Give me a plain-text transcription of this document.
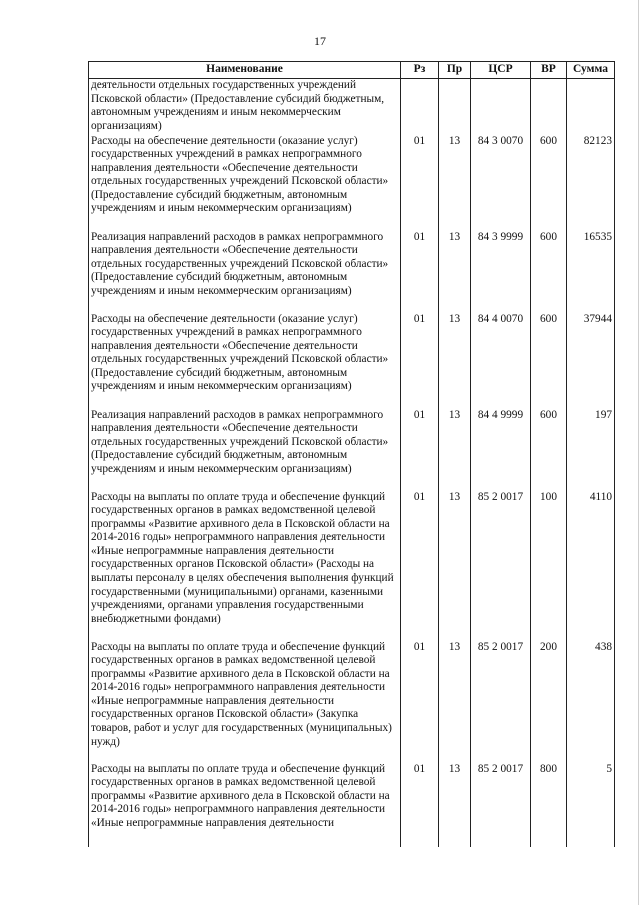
17
Наименование	Рз	Пр	ЦСР	ВР	Сумма
деятельности отдельных государственных учреждений Псковской области» (Предоставление субсидий бюджетным, автономным учреждениям и иным некоммерческим организациям)					
Расходы на обеспечение деятельности (оказание услуг) государственных учреждений в рамках непрограммного направления деятельности «Обеспечение деятельности отдельных государственных учреждений Псковской области» (Предоставление субсидий бюджетным, автономным учреждениям и иным некоммерческим организациям)	01	13	84 3 0070	600	82123
Реализация направлений расходов в рамках непрограммного направления деятельности «Обеспечение деятельности отдельных государственных учреждений Псковской области» (Предоставление субсидий бюджетным, автономным учреждениям и иным некоммерческим организациям)	01	13	84 3 9999	600	16535
Расходы на обеспечение деятельности (оказание услуг) государственных учреждений в рамках непрограммного направления деятельности «Обеспечение деятельности отдельных государственных учреждений Псковской области» (Предоставление субсидий бюджетным, автономным учреждениям и иным некоммерческим организациям)	01	13	84 4 0070	600	37944
Реализация направлений расходов в рамках непрограммного направления деятельности «Обеспечение деятельности отдельных государственных учреждений Псковской области» (Предоставление субсидий бюджетным, автономным учреждениям и иным некоммерческим организациям)	01	13	84 4 9999	600	197
Расходы на выплаты по оплате труда и обеспечение функций государственных органов в рамках ведомственной целевой программы «Развитие архивного дела в Псковской области на 2014-2016 годы» непрограммного направления деятельности «Иные непрограммные направления деятельности государственных органов Псковской области» (Расходы на выплаты персоналу в целях обеспечения выполнения функций государственными (муниципальными) органами, казенными учреждениями, органами управления государственными внебюджетными фондами)	01	13	85 2 0017	100	4110
Расходы на выплаты по оплате труда и обеспечение функций государственных органов в рамках ведомственной целевой программы «Развитие архивного дела в Псковской области на 2014-2016 годы» непрограммного направления деятельности «Иные непрограммные направления деятельности государственных органов Псковской области» (Закупка товаров, работ и услуг для государственных (муниципальных) нужд)	01	13	85 2 0017	200	438
Расходы на выплаты по оплате труда и обеспечение функций государственных органов в рамках ведомственной целевой программы «Развитие архивного дела в Псковской области на 2014-2016 годы» непрограммного направления деятельности «Иные непрограммные направления деятельности	01	13	85 2 0017	800	5
